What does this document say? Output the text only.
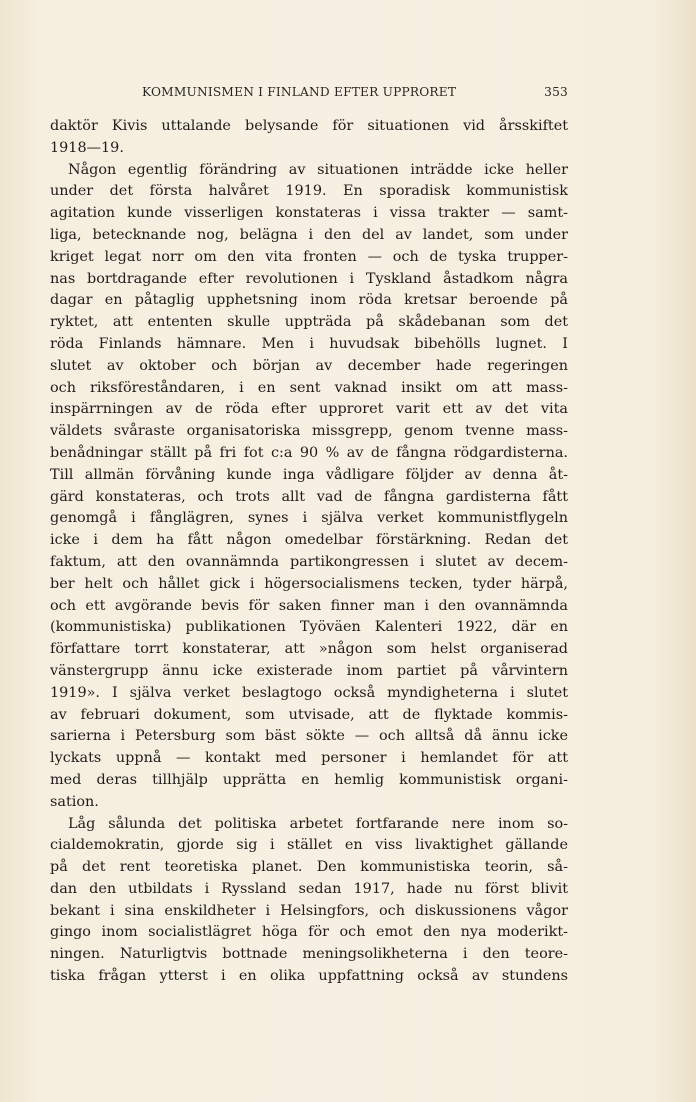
KOMMUNISMEN I FINLAND EFTER UPPRORET	353
daktör Kivis uttalande belysande för situationen vid årsskiftet
1918—19.
Någon egentlig förändring av situationen inträdde icke heller
under det första halvåret 1919. En sporadisk kommunistisk
agitation kunde visserligen konstateras i vissa trakter — samt-
liga, betecknande nog, belägna i den del av landet, som under
kriget legat norr om den vita fronten — och de tyska trupper-
nas bortdragande efter revolutionen i Tyskland åstadkom några
dagar en påtaglig upphetsning inom röda kretsar beroende på
ryktet, att ententen skulle uppträda på skådebanan som det
röda Finlands hämnare. Men i huvudsak bibehölls lugnet. I
slutet av oktober och början av december hade regeringen
och riksföreståndaren, i en sent vaknad insikt om att mass-
inspärrningen av de röda efter upproret varit ett av det vita
väldets svåraste organisatoriska missgrepp, genom tvenne mass-
benådningar ställt på fri fot c:a 90 % av de fångna rödgardisterna.
Till allmän förvåning kunde inga vådligare följder av denna åt-
gärd konstateras, och trots allt vad de fångna gardisterna fått
genomgå i fånglägren, synes i själva verket kommunistflygeln
icke i dem ha fått någon omedelbar förstärkning. Redan det
faktum, att den ovannämnda partikongressen i slutet av decem-
ber helt och hållet gick i högersocialismens tecken, tyder härpå,
och ett avgörande bevis för saken finner man i den ovannämnda
(kommunistiska) publikationen Työväen Kalenteri 1922, där en
författare torrt konstaterar, att »någon som helst organiserad
vänstergrupp ännu icke existerade inom partiet på vårvintern
1919». I själva verket beslagtogo också myndigheterna i slutet
av februari dokument, som utvisade, att de flyktade kommis-
sarierna i Petersburg som bäst sökte — och alltså då ännu icke
lyckats uppnå — kontakt med personer i hemlandet för att
med deras tillhjälp upprätta en hemlig kommunistisk organi-
sation.
Låg sålunda det politiska arbetet fortfarande nere inom so-
cialdemokratin, gjorde sig i stället en viss livaktighet gällande
på det rent teoretiska planet. Den kommunistiska teorin, så-
dan den utbildats i Ryssland sedan 1917, hade nu först blivit
bekant i sina enskildheter i Helsingfors, och diskussionens vågor
gingo inom socialistlägret höga för och emot den nya moderikt-
ningen. Naturligtvis bottnade meningsolikheterna i den teore-
tiska frågan ytterst i en olika uppfattning också av stundens
